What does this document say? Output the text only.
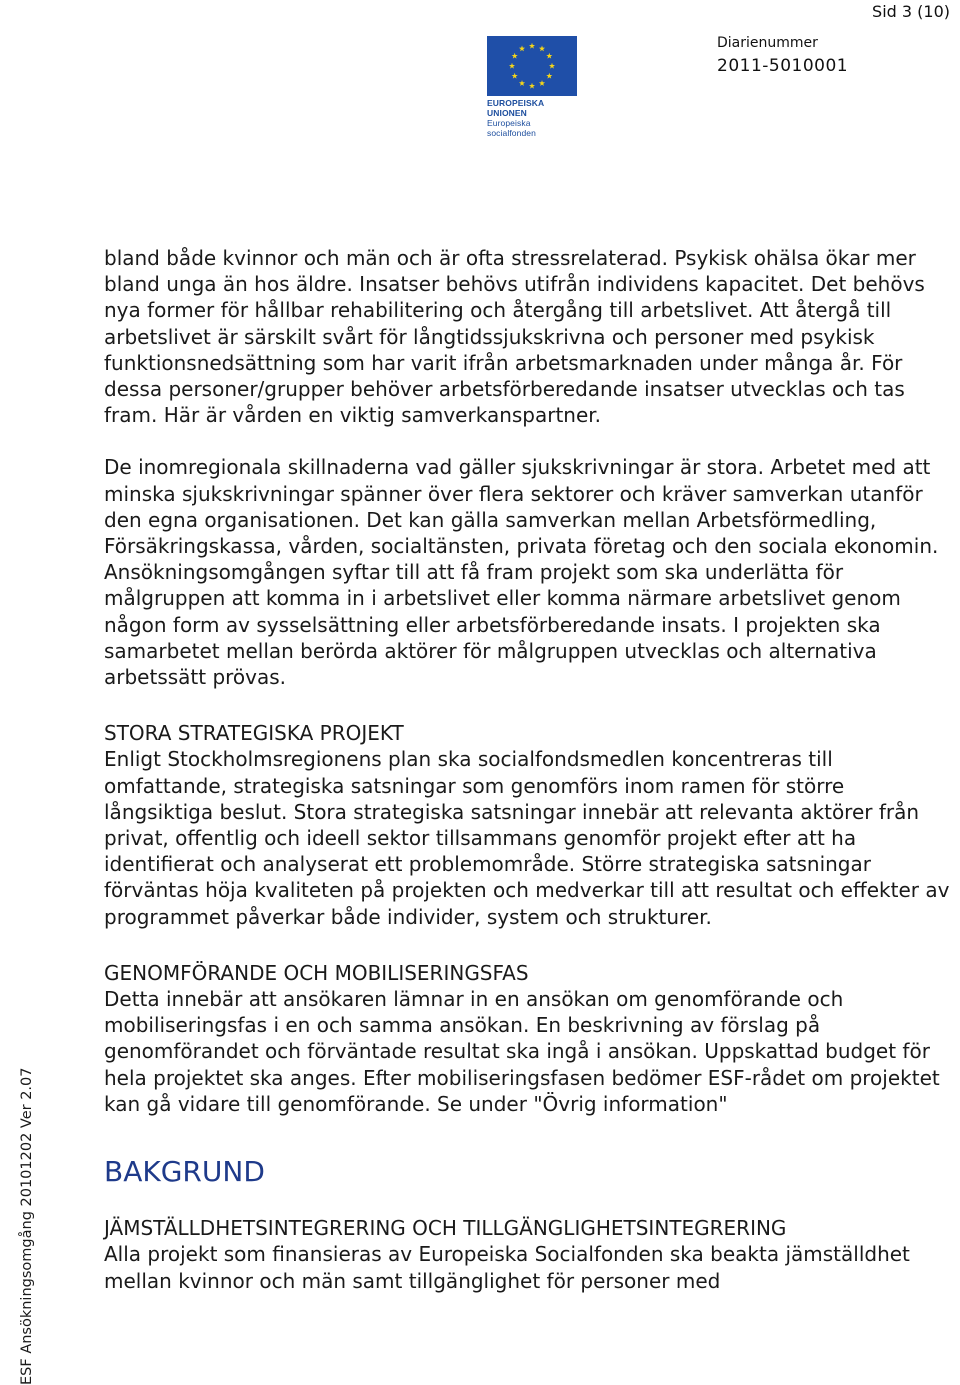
Sid 3 (10)
EUROPEISKA UNIONEN
Europeiska socialfonden
Diarienummer
2011-5010001
ESF Ansökningsomgång 20101202 Ver 2.07

bland både kvinnor och män och är ofta stressrelaterad. Psykisk ohälsa ökar mer bland unga än hos äldre. Insatser behövs utifrån individens kapacitet. Det behövs nya former för hållbar rehabilitering och återgång till arbetslivet. Att återgå till arbetslivet är särskilt svårt för långtidssjukskrivna och personer med psykisk funktionsnedsättning som har varit ifrån arbetsmarknaden under många år. För dessa personer/grupper behöver arbetsförberedande insatser utvecklas och tas fram. Här är vården en viktig samverkanspartner.

De inomregionala skillnaderna vad gäller sjukskrivningar är stora. Arbetet med att minska sjukskrivningar spänner över flera sektorer och kräver samverkan utanför den egna organisationen. Det kan gälla samverkan mellan Arbetsförmedling, Försäkringskassa, vården, socialtänsten, privata företag och den sociala ekonomin.

Ansökningsomgången syftar till att få fram projekt som ska underlätta för målgruppen att komma in i arbetslivet eller komma närmare arbetslivet genom någon form av sysselsättning eller arbetsförberedande insats. I projekten ska samarbetet mellan berörda aktörer för målgruppen utvecklas och alternativa arbetssätt prövas.

STORA STRATEGISKA PROJEKT

Enligt Stockholmsregionens plan ska socialfondsmedlen koncentreras till omfattande, strategiska satsningar som genomförs inom ramen för större långsiktiga beslut. Stora strategiska satsningar innebär att relevanta aktörer från privat, offentlig och ideell sektor tillsammans genomför projekt efter att ha identifierat och analyserat ett problemområde. Större strategiska satsningar förväntas höja kvaliteten på projekten och medverkar till att resultat och effekter av programmet påverkar både individer, system och strukturer.

GENOMFÖRANDE OCH MOBILISERINGSFAS

Detta innebär att ansökaren lämnar in en ansökan om genomförande och mobiliseringsfas i en och samma ansökan. En beskrivning av förslag på genomförandet och förväntade resultat ska ingå i ansökan. Uppskattad budget för hela projektet ska anges. Efter mobiliseringsfasen bedömer ESF-rådet om projektet kan gå vidare till genomförande. Se under "Övrig information"

BAKGRUND
JÄMSTÄLLDHETSINTEGRERING OCH TILLGÄNGLIGHETSINTEGRERING

Alla projekt som finansieras av Europeiska Socialfonden ska beakta jämställdhet mellan kvinnor och män samt tillgänglighet för personer med
